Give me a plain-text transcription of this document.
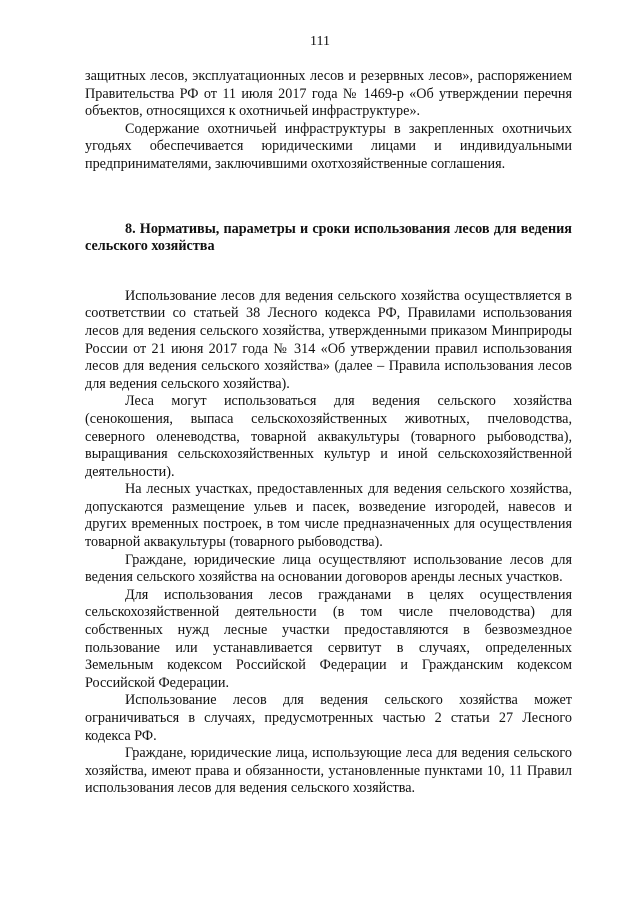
111

защитных лесов, эксплуатационных лесов и резервных лесов», распоряжением Правительства РФ от 11 июля 2017 года № 1469-р «Об утверждении перечня объектов, относящихся к охотничьей инфраструктуре».

Содержание охотничьей инфраструктуры в закрепленных охотничьих угодьях обеспечивается юридическими лицами и индивидуальными предпринимателями, заключившими охотхозяйственные соглашения.

8. Нормативы, параметры и сроки использования лесов для ведения сельского хозяйства

Использование лесов для ведения сельского хозяйства осуществляется в соответствии со статьей 38 Лесного кодекса РФ, Правилами использования лесов для ведения сельского хозяйства, утвержденными приказом Минприроды России от 21 июня 2017 года № 314 «Об утверждении правил использования лесов для ведения сельского хозяйства» (далее – Правила использования лесов для ведения сельского хозяйства).

Леса могут использоваться для ведения сельского хозяйства (сенокошения, выпаса сельскохозяйственных животных, пчеловодства, северного оленеводства, товарной аквакультуры (товарного рыбоводства), выращивания сельскохозяйственных культур и иной сельскохозяйственной деятельности).

На лесных участках, предоставленных для ведения сельского хозяйства, допускаются размещение ульев и пасек, возведение изгородей, навесов и других временных построек, в том числе предназначенных для осуществления товарной аквакультуры (товарного рыбоводства).

Граждане, юридические лица осуществляют использование лесов для ведения сельского хозяйства на основании договоров аренды лесных участков.

Для использования лесов гражданами в целях осуществления сельскохозяйственной деятельности (в том числе пчеловодства) для собственных нужд лесные участки предоставляются в безвозмездное пользование или устанавливается сервитут в случаях, определенных Земельным кодексом Российской Федерации и Гражданским кодексом Российской Федерации.

Использование лесов для ведения сельского хозяйства может ограничиваться в случаях, предусмотренных частью 2 статьи 27 Лесного кодекса РФ.

Граждане, юридические лица, использующие леса для ведения сельского хозяйства, имеют права и обязанности, установленные пунктами 10, 11 Правил использования лесов для ведения сельского хозяйства.
